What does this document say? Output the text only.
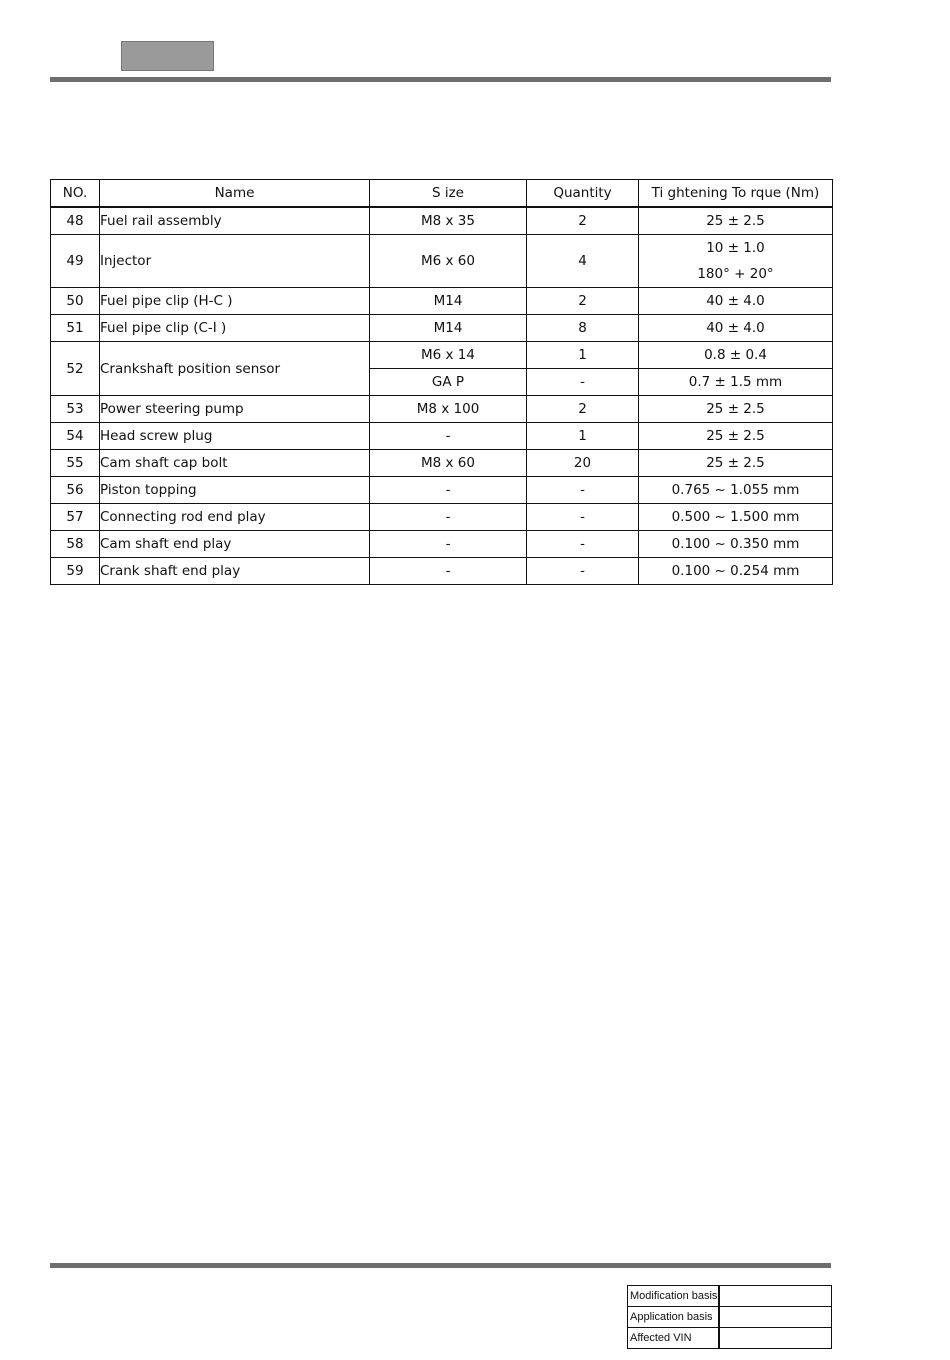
NO.	Name	S ize	Quantity	Ti ghtening To rque (Nm)
48	Fuel rail assembly	M8 x 35	2	25 ± 2.5
49	Injector	M6 x 60	4	10 ± 1.0
				180° + 20°
50	Fuel pipe clip (H-C )	M14	2	40 ± 4.0
51	Fuel pipe clip (C-I )	M14	8	40 ± 4.0
52	Crankshaft position sensor	M6 x 14	1	0.8 ± 0.4
		GA P	-	0.7 ± 1.5 mm
53	Power steering pump	M8 x 100	2	25 ± 2.5
54	Head screw plug	-	1	25 ± 2.5
55	Cam shaft cap bolt	M8 x 60	20	25 ± 2.5
56	Piston topping	-	-	0.765 ~ 1.055 mm
57	Connecting rod end play	-	-	0.500 ~ 1.500 mm
58	Cam shaft end play	-	-	0.100 ~ 0.350 mm
59	Crank shaft end play	-	-	0.100 ~ 0.254 mm
Modification basis	
Application basis	
Affected VIN	
